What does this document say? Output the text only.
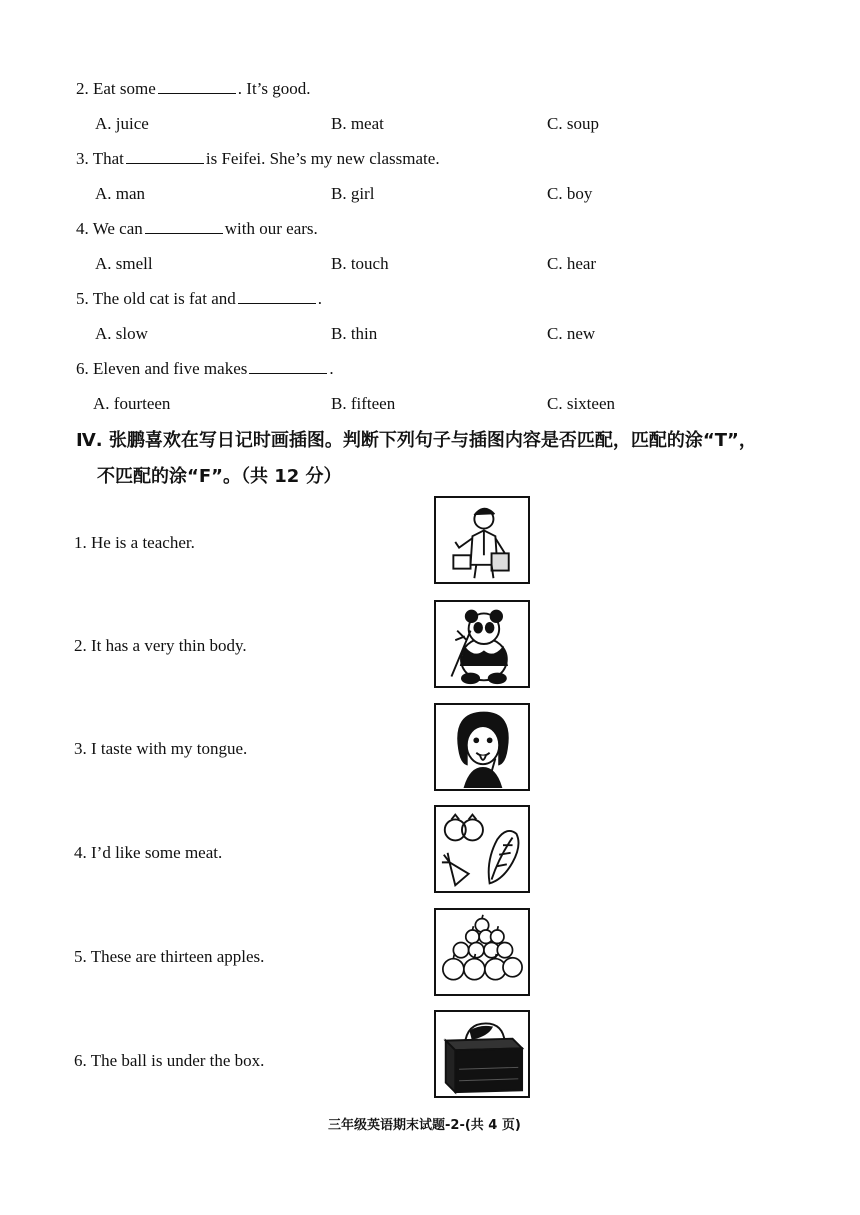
2. Eat some	. It’s good.
A. juice	B. meat	C. soup
3. That	is Feifei. She’s my new classmate.
A. man	B. girl	C. boy
4. We can	with our ears.
A. smell	B. touch	C. hear
5. The old cat is fat and	.
A. slow	B. thin	C. new
6. Eleven and five makes	.
A. fourteen	B. fifteen	C. sixteen
Ⅳ. 张鹏喜欢在写日记时画插图。判断下列句子与插图内容是否匹配，匹配的涂“T”，
不匹配的涂“F”。（共 12 分）
1. He is a teacher.
2. It has a very thin body.
3. I taste with my tongue.
4. I’d like some meat.
5. These are thirteen apples.
6. The ball is under the box.
三年级英语期末试题-2-(共 4 页)
